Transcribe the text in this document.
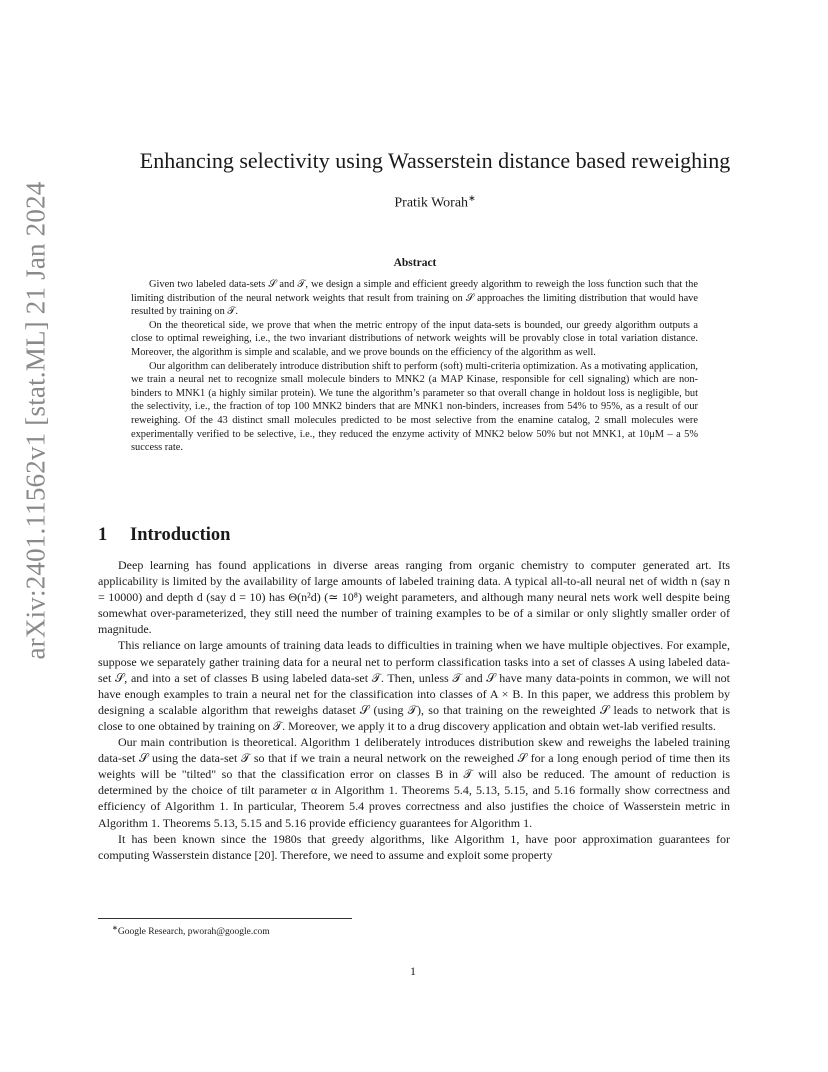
arXiv:2401.11562v1 [stat.ML] 21 Jan 2024
Enhancing selectivity using Wasserstein distance based reweighing
Pratik Worah∗
Abstract

Given two labeled data-sets 𝒮 and 𝒯, we design a simple and efficient greedy algorithm to reweigh the loss function such that the limiting distribution of the neural network weights that result from training on 𝒮 approaches the limiting distribution that would have resulted by training on 𝒯.

On the theoretical side, we prove that when the metric entropy of the input data-sets is bounded, our greedy algorithm outputs a close to optimal reweighing, i.e., the two invariant distributions of network weights will be provably close in total variation distance. Moreover, the algorithm is simple and scalable, and we prove bounds on the efficiency of the algorithm as well.

Our algorithm can deliberately introduce distribution shift to perform (soft) multi-criteria optimization. As a motivating application, we train a neural net to recognize small molecule binders to MNK2 (a MAP Kinase, responsible for cell signaling) which are non-binders to MNK1 (a highly similar protein). We tune the algorithm’s parameter so that overall change in holdout loss is negligible, but the selectivity, i.e., the fraction of top 100 MNK2 binders that are MNK1 non-binders, increases from 54% to 95%, as a result of our reweighing. Of the 43 distinct small molecules predicted to be most selective from the enamine catalog, 2 small molecules were experimentally verified to be selective, i.e., they reduced the enzyme activity of MNK2 below 50% but not MNK1, at 10μM – a 5% success rate.

1 Introduction

Deep learning has found applications in diverse areas ranging from organic chemistry to computer generated art. Its applicability is limited by the availability of large amounts of labeled training data. A typical all-to-all neural net of width n (say n = 10000) and depth d (say d = 10) has Θ(n²d) (≃ 10⁸) weight parameters, and although many neural nets work well despite being somewhat over-parameterized, they still need the number of training examples to be of a similar or only slightly smaller order of magnitude.

This reliance on large amounts of training data leads to difficulties in training when we have multiple objectives. For example, suppose we separately gather training data for a neural net to perform classification tasks into a set of classes A using labeled data-set 𝒮, and into a set of classes B using labeled data-set 𝒯. Then, unless 𝒯 and 𝒮 have many data-points in common, we will not have enough examples to train a neural net for the classification into classes of A × B. In this paper, we address this problem by designing a scalable algorithm that reweighs dataset 𝒮 (using 𝒯), so that training on the reweighted 𝒮 leads to network that is close to one obtained by training on 𝒯. Moreover, we apply it to a drug discovery application and obtain wet-lab verified results.

Our main contribution is theoretical. Algorithm 1 deliberately introduces distribution skew and reweighs the labeled training data-set 𝒮 using the data-set 𝒯 so that if we train a neural network on the reweighed 𝒮 for a long enough period of time then its weights will be "tilted" so that the classification error on classes B in 𝒯 will also be reduced. The amount of reduction is determined by the choice of tilt parameter α in Algorithm 1. Theorems 5.4, 5.13, 5.15, and 5.16 formally show correctness and efficiency of Algorithm 1. In particular, Theorem 5.4 proves correctness and also justifies the choice of Wasserstein metric in Algorithm 1. Theorems 5.13, 5.15 and 5.16 provide efficiency guarantees for Algorithm 1.

It has been known since the 1980s that greedy algorithms, like Algorithm 1, have poor approximation guarantees for computing Wasserstein distance [20]. Therefore, we need to assume and exploit some property

∗Google Research, pworah@google.com
1
